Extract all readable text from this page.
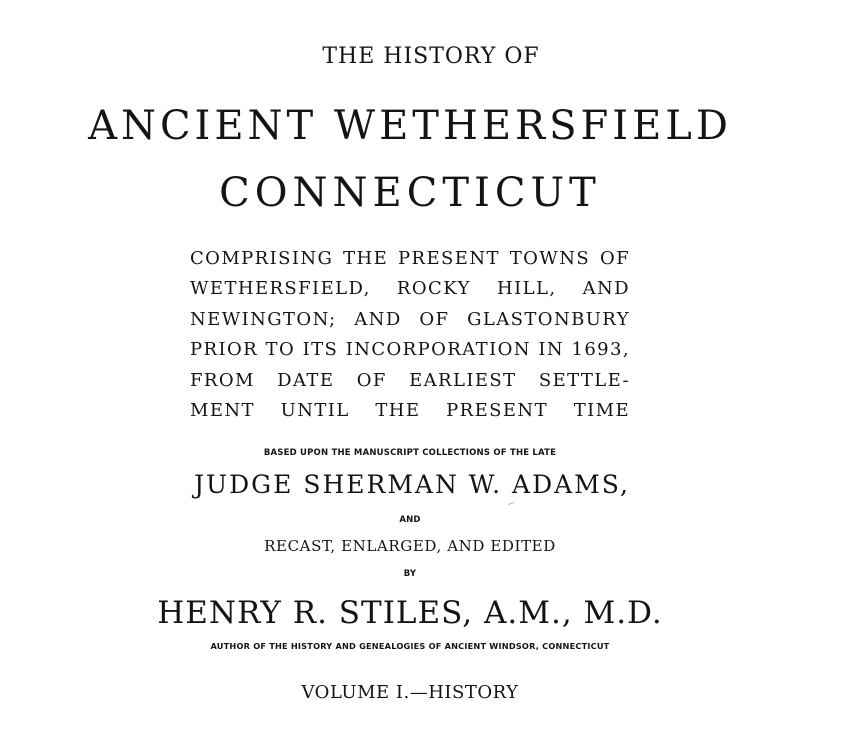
THE HISTORY OF

ANCIENT WETHERSFIELD

CONNECTICUT

COMPRISING THE PRESENT TOWNS OF
WETHERSFIELD, ROCKY HILL, AND
NEWINGTON; AND OF GLASTONBURY
PRIOR TO ITS INCORPORATION IN 1693,
FROM DATE OF EARLIEST SETTLE-
MENT UNTIL THE PRESENT TIME

BASED UPON THE MANUSCRIPT COLLECTIONS OF THE LATE

JUDGE SHERMAN W. ADAMS,

AND

RECAST, ENLARGED, AND EDITED

BY

HENRY R. STILES, A.M., M.D.

AUTHOR OF THE HISTORY AND GENEALOGIES OF ANCIENT WINDSOR, CONNECTICUT

VOLUME I.—HISTORY
